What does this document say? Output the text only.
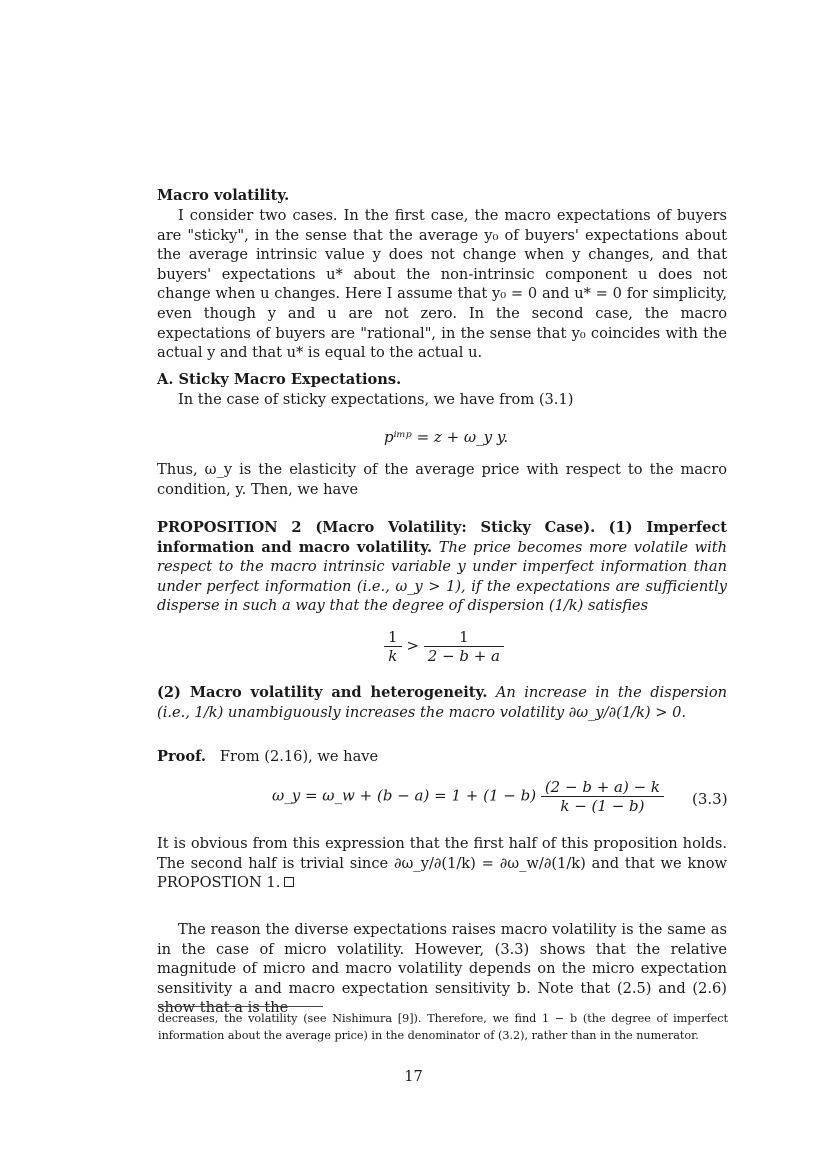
Macro volatility.
I consider two cases. In the first case, the macro expectations of buyers are "sticky", in the sense that the average y₀ of buyers' expectations about the average intrinsic value y does not change when y changes, and that buyers' expectations u* about the non-intrinsic component u does not change when u changes. Here I assume that y₀ = 0 and u* = 0 for simplicity, even though y and u are not zero. In the second case, the macro expectations of buyers are "rational", in the sense that y₀ coincides with the actual y and that u* is equal to the actual u.
A. Sticky Macro Expectations.
In the case of sticky expectations, we have from (3.1)
pⁱᵐᵖ = z + ω_y y.
Thus, ω_y is the elasticity of the average price with respect to the macro condition, y. Then, we have
PROPOSITION 2 (Macro Volatility: Sticky Case). (1) Imperfect information and macro volatility. The price becomes more volatile with respect to the macro intrinsic variable y under imperfect information than under perfect information (i.e., ω_y > 1), if the expectations are sufficiently disperse in such a way that the degree of dispersion (1/k) satisfies
$\frac{1}{k} > \frac{1}{2 - b + a}$
(2) Macro volatility and heterogeneity. An increase in the dispersion (i.e., 1/k) unambiguously increases the macro volatility ∂ω_y/∂(1/k) > 0.
Proof. From (2.16), we have
ω_y = ω_w + $(b - a) = 1 + (1 - b) \frac{(2 - b + a) - k}{k - (1 - b)} (3.3)$
It is obvious from this expression that the first half of this proposition holds. The second half is trivial since ∂ω_y/∂(1/k) = ∂ω_w/∂(1/k) and that we know PROPOSTION 1.
The reason the diverse expectations raises macro volatility is the same as in the case of micro volatility. However, (3.3) shows that the relative magnitude of micro and macro volatility depends on the micro expectation sensitivity a and macro expectation sensitivity b. Note that (2.5) and (2.6) show that a is the
decreases, the volatility (see Nishimura [9]). Therefore, we find 1 − b (the degree of imperfect information about the average price) in the denominator of (3.2), rather than in the numerator.
17
